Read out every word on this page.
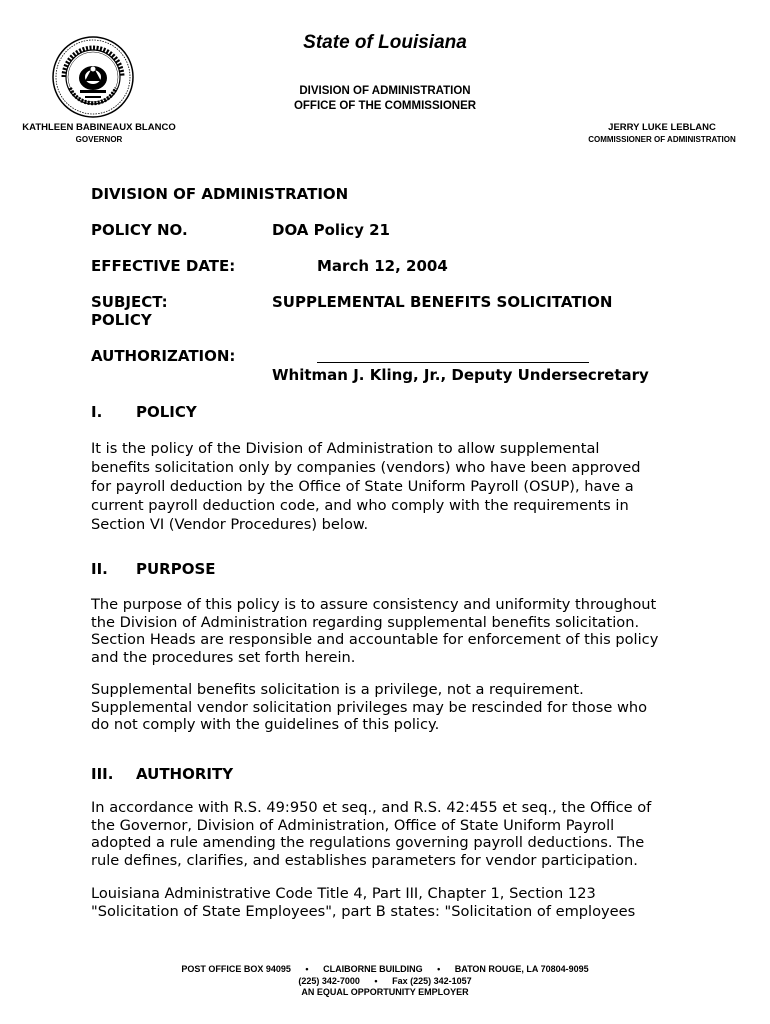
State of Louisiana
DIVISION OF ADMINISTRATION
OFFICE OF THE COMMISSIONER
KATHLEEN BABINEAUX BLANCO
GOVERNOR
JERRY LUKE LEBLANC
COMMISSIONER OF ADMINISTRATION
DIVISION OF ADMINISTRATION
POLICY NO.	DOA Policy 21
EFFECTIVE DATE:	March 12, 2004
SUBJECT:	SUPPLEMENTAL BENEFITS SOLICITATION
POLICY
AUTHORIZATION:
Whitman J. Kling, Jr., Deputy Undersecretary
I. POLICY
It is the policy of the Division of Administration to allow supplemental
benefits solicitation only by companies (vendors) who have been approved
for payroll deduction by the Office of State Uniform Payroll (OSUP), have a
current payroll deduction code, and who comply with the requirements in
Section VI (Vendor Procedures) below.
II. PURPOSE
The purpose of this policy is to assure consistency and uniformity throughout
the Division of Administration regarding supplemental benefits solicitation.
Section Heads are responsible and accountable for enforcement of this policy
and the procedures set forth herein.
Supplemental benefits solicitation is a privilege, not a requirement.
Supplemental vendor solicitation privileges may be rescinded for those who
do not comply with the guidelines of this policy.
III. AUTHORITY
In accordance with R.S. 49:950 et seq., and R.S. 42:455 et seq., the Office of
the Governor, Division of Administration, Office of State Uniform Payroll
adopted a rule amending the regulations governing payroll deductions. The
rule defines, clarifies, and establishes parameters for vendor participation.
Louisiana Administrative Code Title 4, Part III, Chapter 1, Section 123
"Solicitation of State Employees", part B states: "Solicitation of employees
POST OFFICE BOX 94095 • CLAIBORNE BUILDING • BATON ROUGE, LA 70804-9095
(225) 342-7000 • Fax (225) 342-1057
AN EQUAL OPPORTUNITY EMPLOYER
